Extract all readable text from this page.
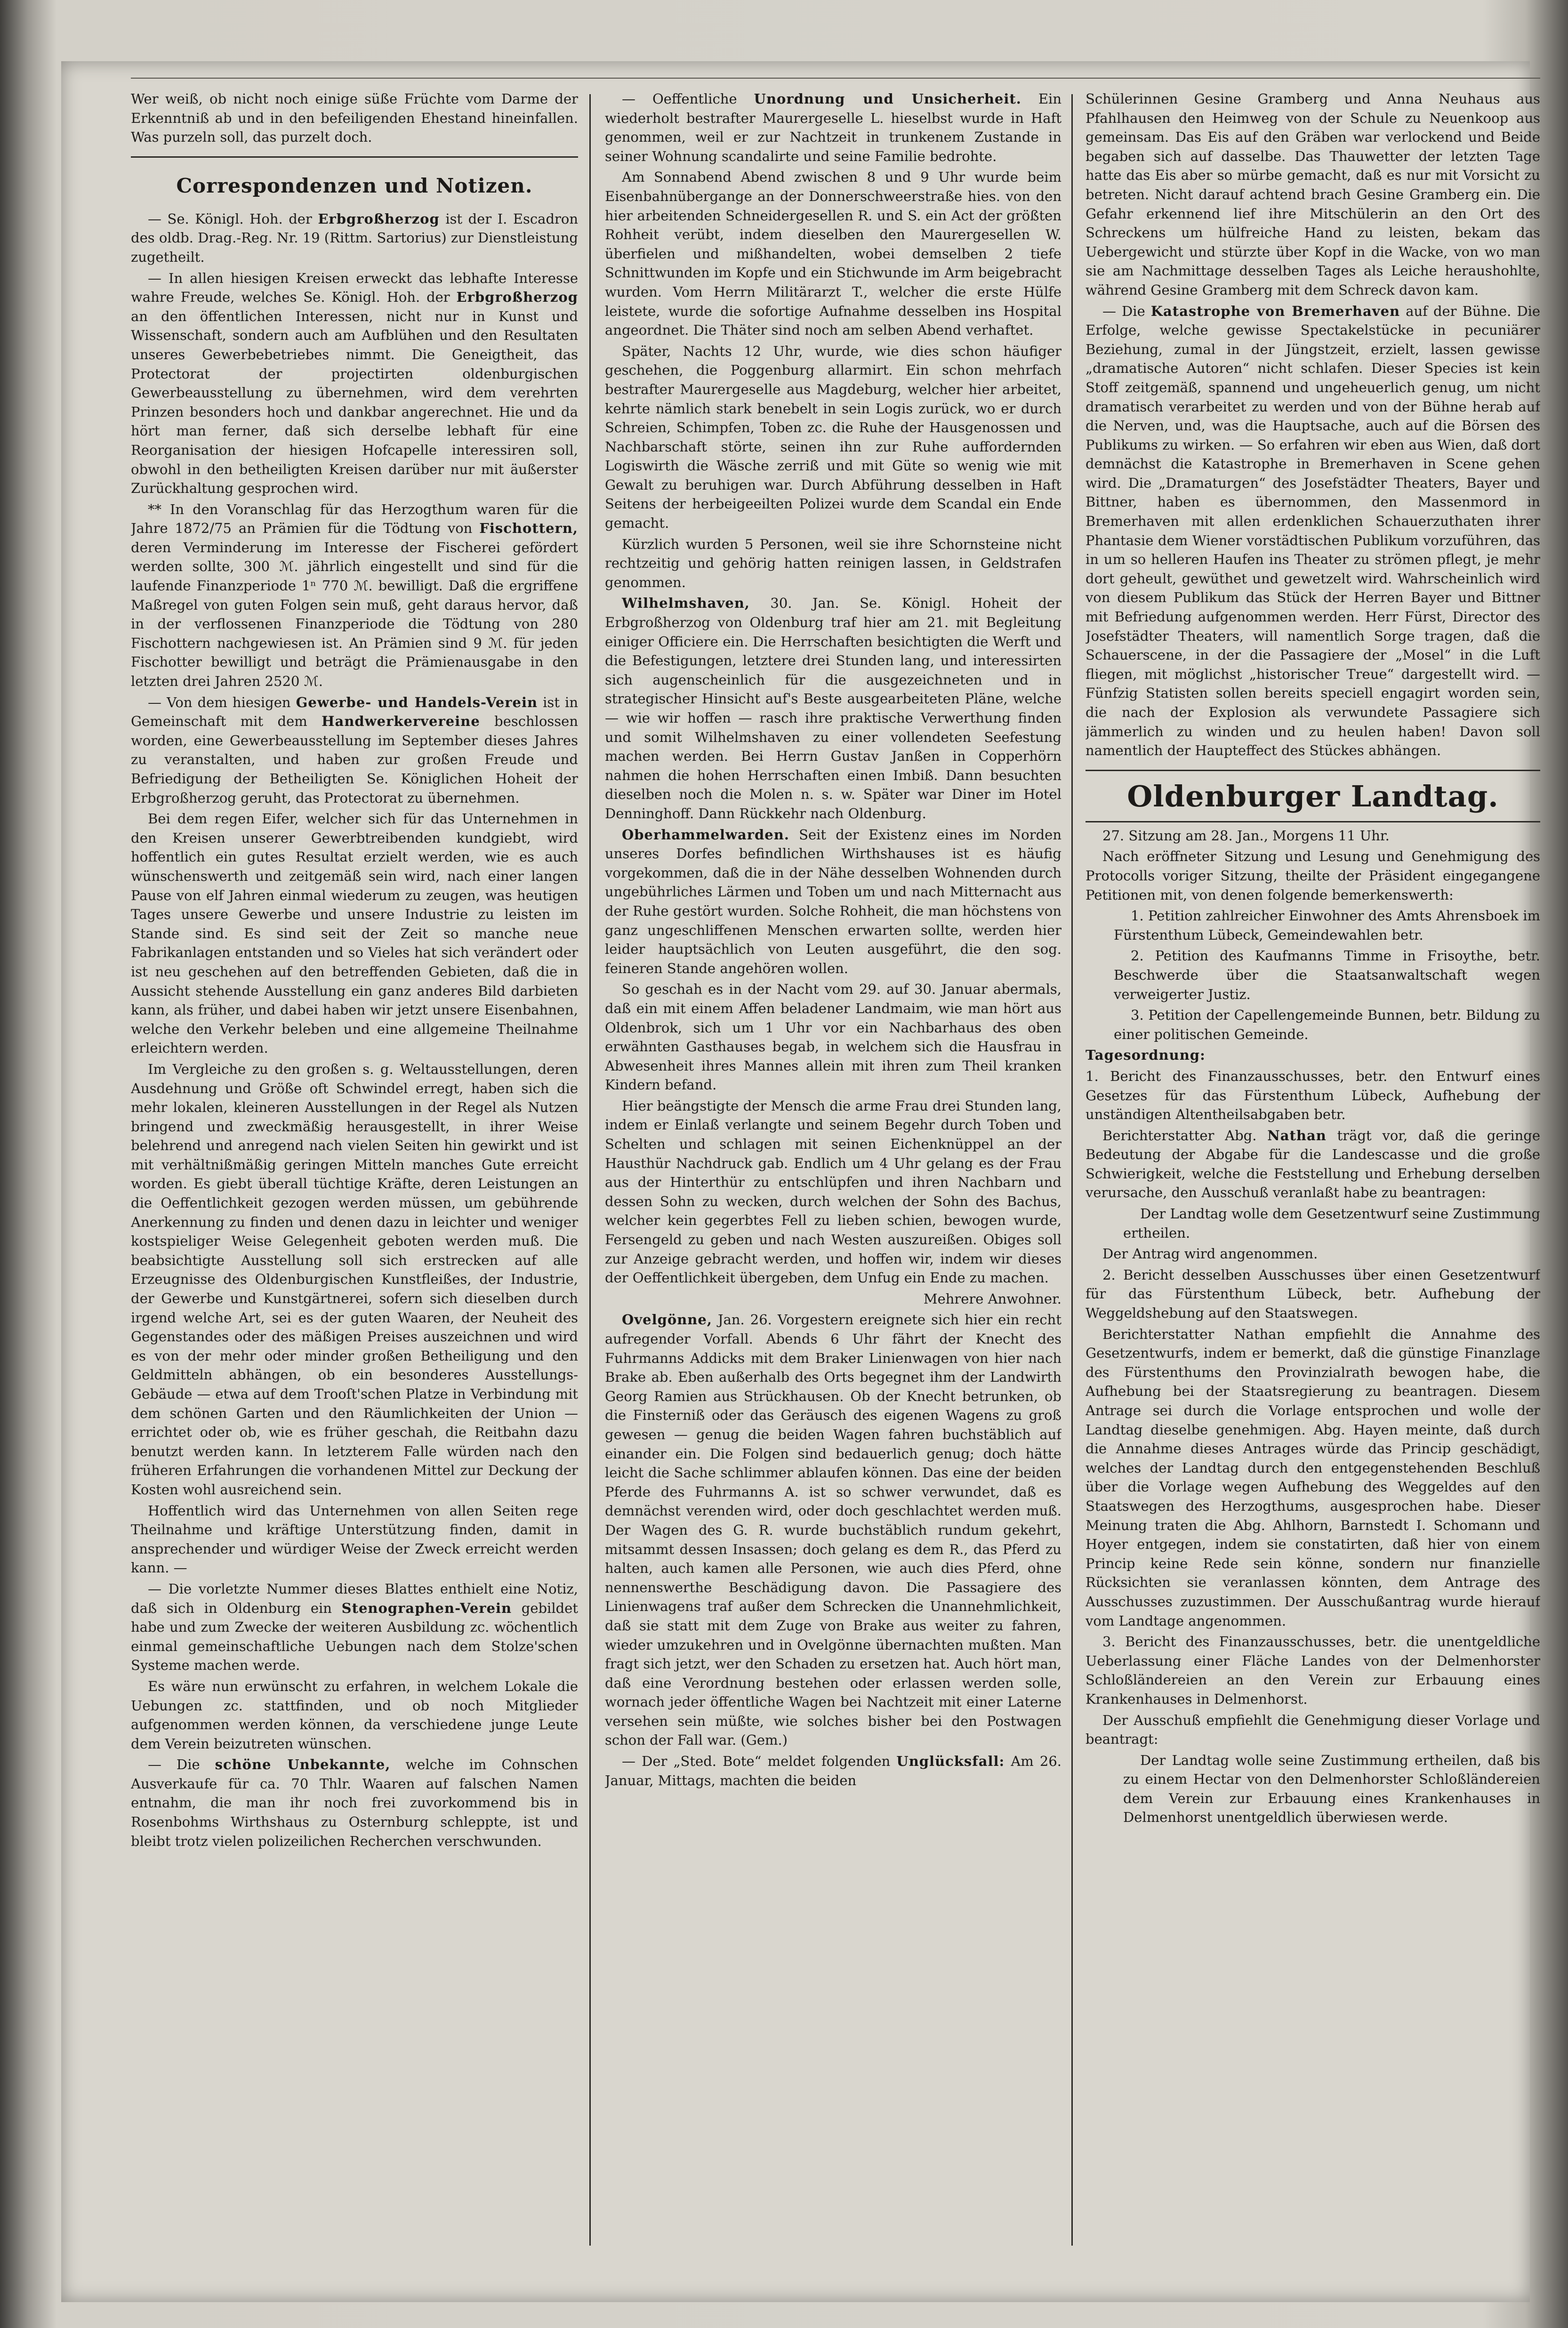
Wer weiß, ob nicht noch einige süße Früchte vom Darme der Erkenntniß ab und in den befeiligenden Ehestand hineinfallen. Was purzeln soll, das purzelt doch.

Correspondenzen und Notizen.

— Se. Königl. Hoh. der Erbgroßherzog ist der I. Escadron des oldb. Drag.-Reg. Nr. 19 (Rittm. Sartorius) zur Dienstleistung zugetheilt.

— In allen hiesigen Kreisen erweckt das lebhafte Interesse wahre Freude, welches Se. Königl. Hoh. der Erbgroßherzog an den öffentlichen Interessen, nicht nur in Kunst und Wissenschaft, sondern auch am Aufblühen und den Resultaten unseres Gewerbebetriebes nimmt. Die Geneigtheit, das Protectorat der projectirten oldenburgischen Gewerbeausstellung zu übernehmen, wird dem verehrten Prinzen besonders hoch und dankbar angerechnet. Hie und da hört man ferner, daß sich derselbe lebhaft für eine Reorganisation der hiesigen Hofcapelle interessiren soll, obwohl in den betheiligten Kreisen darüber nur mit äußerster Zurückhaltung gesprochen wird.

** In den Voranschlag für das Herzogthum waren für die Jahre 1872/75 an Prämien für die Tödtung von Fischottern, deren Verminderung im Interesse der Fischerei gefördert werden sollte, 300 ℳ. jährlich eingestellt und sind für die laufende Finanzperiode 1ⁿ 770 ℳ. bewilligt. Daß die ergriffene Maßregel von guten Folgen sein muß, geht daraus hervor, daß in der verflossenen Finanzperiode die Tödtung von 280 Fischottern nachgewiesen ist. An Prämien sind 9 ℳ. für jeden Fischotter bewilligt und beträgt die Prämienausgabe in den letzten drei Jahren 2520 ℳ.

— Von dem hiesigen Gewerbe- und Handels-Verein ist in Gemeinschaft mit dem Handwerkervereine beschlossen worden, eine Gewerbeausstellung im September dieses Jahres zu veranstalten, und haben zur großen Freude und Befriedigung der Betheiligten Se. Königlichen Hoheit der Erbgroßherzog geruht, das Protectorat zu übernehmen.

Bei dem regen Eifer, welcher sich für das Unternehmen in den Kreisen unserer Gewerbtreibenden kundgiebt, wird hoffentlich ein gutes Resultat erzielt werden, wie es auch wünschenswerth und zeitgemäß sein wird, nach einer langen Pause von elf Jahren einmal wiederum zu zeugen, was heutigen Tages unsere Gewerbe und unsere Industrie zu leisten im Stande sind. Es sind seit der Zeit so manche neue Fabrikanlagen entstanden und so Vieles hat sich verändert oder ist neu geschehen auf den betreffenden Gebieten, daß die in Aussicht stehende Ausstellung ein ganz anderes Bild darbieten kann, als früher, und dabei haben wir jetzt unsere Eisenbahnen, welche den Verkehr beleben und eine allgemeine Theilnahme erleichtern werden.

Im Vergleiche zu den großen s. g. Weltausstellungen, deren Ausdehnung und Größe oft Schwindel erregt, haben sich die mehr lokalen, kleineren Ausstellungen in der Regel als Nutzen bringend und zweckmäßig herausgestellt, in ihrer Weise belehrend und anregend nach vielen Seiten hin gewirkt und ist mit verhältnißmäßig geringen Mitteln manches Gute erreicht worden. Es giebt überall tüchtige Kräfte, deren Leistungen an die Oeffentlichkeit gezogen werden müssen, um gebührende Anerkennung zu finden und denen dazu in leichter und weniger kostspieliger Weise Gelegenheit geboten werden muß. Die beabsichtigte Ausstellung soll sich erstrecken auf alle Erzeugnisse des Oldenburgischen Kunstfleißes, der Industrie, der Gewerbe und Kunstgärtnerei, sofern sich dieselben durch irgend welche Art, sei es der guten Waaren, der Neuheit des Gegenstandes oder des mäßigen Preises auszeichnen und wird es von der mehr oder minder großen Betheiligung und den Geldmitteln abhängen, ob ein besonderes Ausstellungs-Gebäude — etwa auf dem Trooſt'schen Platze in Verbindung mit dem schönen Garten und den Räumlichkeiten der Union — errichtet oder ob, wie es früher geschah, die Reitbahn dazu benutzt werden kann. In letzterem Falle würden nach den früheren Erfahrungen die vorhandenen Mittel zur Deckung der Kosten wohl ausreichend sein.

Hoffentlich wird das Unternehmen von allen Seiten rege Theilnahme und kräftige Unterstützung finden, damit in ansprechender und würdiger Weise der Zweck erreicht werden kann. —

— Die vorletzte Nummer dieses Blattes enthielt eine Notiz, daß sich in Oldenburg ein Stenographen-Verein gebildet habe und zum Zwecke der weiteren Ausbildung zc. wöchentlich einmal gemeinschaftliche Uebungen nach dem Stolze'schen Systeme machen werde.

Es wäre nun erwünscht zu erfahren, in welchem Lokale die Uebungen zc. stattfinden, und ob noch Mitglieder aufgenommen werden können, da verschiedene junge Leute dem Verein beizutreten wünschen.

— Die schöne Unbekannte, welche im Cohnschen Ausverkaufe für ca. 70 Thlr. Waaren auf falschen Namen entnahm, die man ihr noch frei zuvorkommend bis in Rosenbohms Wirthshaus zu Osternburg schleppte, ist und bleibt trotz vielen polizeilichen Recherchen verschwunden.

— Oeffentliche Unordnung und Unsicherheit. Ein wiederholt bestrafter Maurergeselle L. hieselbst wurde in Haft genommen, weil er zur Nachtzeit in trunkenem Zustande in seiner Wohnung scandalirte und seine Familie bedrohte.

Am Sonnabend Abend zwischen 8 und 9 Uhr wurde beim Eisenbahnübergange an der Donnerschweerstraße hies. von den hier arbeitenden Schneidergesellen R. und S. ein Act der größten Rohheit verübt, indem dieselben den Maurergesellen W. überfielen und mißhandelten, wobei demselben 2 tiefe Schnittwunden im Kopfe und ein Stichwunde im Arm beigebracht wurden. Vom Herrn Militärarzt T., welcher die erste Hülfe leistete, wurde die sofortige Aufnahme desselben ins Hospital angeordnet. Die Thäter sind noch am selben Abend verhaftet.

Später, Nachts 12 Uhr, wurde, wie dies schon häufiger geschehen, die Poggenburg allarmirt. Ein schon mehrfach bestrafter Maurergeselle aus Magdeburg, welcher hier arbeitet, kehrte nämlich stark benebelt in sein Logis zurück, wo er durch Schreien, Schimpfen, Toben zc. die Ruhe der Hausgenossen und Nachbarschaft störte, seinen ihn zur Ruhe auffordernden Logiswirth die Wäsche zerriß und mit Güte so wenig wie mit Gewalt zu beruhigen war. Durch Abführung desselben in Haft Seitens der herbeigeeilten Polizei wurde dem Scandal ein Ende gemacht.

Kürzlich wurden 5 Personen, weil sie ihre Schornsteine nicht rechtzeitig und gehörig hatten reinigen lassen, in Geldstrafen genommen.

Wilhelmshaven, 30. Jan. Se. Königl. Hoheit der Erbgroßherzog von Oldenburg traf hier am 21. mit Begleitung einiger Officiere ein. Die Herrschaften besichtigten die Werft und die Befestigungen, letztere drei Stunden lang, und interessirten sich augenscheinlich für die ausgezeichneten und in strategischer Hinsicht auf's Beste ausgearbeiteten Pläne, welche — wie wir hoffen — rasch ihre praktische Verwerthung finden und somit Wilhelmshaven zu einer vollendeten Seefestung machen werden. Bei Herrn Gustav Janßen in Copperhörn nahmen die hohen Herrschaften einen Imbiß. Dann besuchten dieselben noch die Molen n. s. w. Später war Diner im Hotel Denninghoff. Dann Rückkehr nach Oldenburg.

Oberhammelwarden. Seit der Existenz eines im Norden unseres Dorfes befindlichen Wirthshauses ist es häufig vorgekommen, daß die in der Nähe desselben Wohnenden durch ungebührliches Lärmen und Toben um und nach Mitternacht aus der Ruhe gestört wurden. Solche Rohheit, die man höchstens von ganz ungeschliffenen Menschen erwarten sollte, werden hier leider hauptsächlich von Leuten ausgeführt, die den sog. feineren Stande angehören wollen.

So geschah es in der Nacht vom 29. auf 30. Januar abermals, daß ein mit einem Affen beladener Landmaim, wie man hört aus Oldenbrok, sich um 1 Uhr vor ein Nachbarhaus des oben erwähnten Gasthauses begab, in welchem sich die Hausfrau in Abwesenheit ihres Mannes allein mit ihren zum Theil kranken Kindern befand.

Hier beängstigte der Mensch die arme Frau drei Stunden lang, indem er Einlaß verlangte und seinem Begehr durch Toben und Schelten und schlagen mit seinen Eichenknüppel an der Hausthür Nachdruck gab. Endlich um 4 Uhr gelang es der Frau aus der Hinterthür zu entschlüpfen und ihren Nachbarn und dessen Sohn zu wecken, durch welchen der Sohn des Bachus, welcher kein gegerbtes Fell zu lieben schien, bewogen wurde, Fersengeld zu geben und nach Westen auszureißen. Obiges soll zur Anzeige gebracht werden, und hoffen wir, indem wir dieses der Oeffentlichkeit übergeben, dem Unfug ein Ende zu machen.

Mehrere Anwohner.

Ovelgönne, Jan. 26. Vorgestern ereignete sich hier ein recht aufregender Vorfall. Abends 6 Uhr fährt der Knecht des Fuhrmanns Addicks mit dem Braker Linienwagen von hier nach Brake ab. Eben außerhalb des Orts begegnet ihm der Landwirth Georg Ramien aus Strückhausen. Ob der Knecht betrunken, ob die Finsterniß oder das Geräusch des eigenen Wagens zu groß gewesen — genug die beiden Wagen fahren buchstäblich auf einander ein. Die Folgen sind bedauerlich genug; doch hätte leicht die Sache schlimmer ablaufen können. Das eine der beiden Pferde des Fuhrmanns A. ist so schwer verwundet, daß es demnächst verenden wird, oder doch geschlachtet werden muß. Der Wagen des G. R. wurde buchstäblich rundum gekehrt, mitsammt dessen Insassen; doch gelang es dem R., das Pferd zu halten, auch kamen alle Personen, wie auch dies Pferd, ohne nennenswerthe Beschädigung davon. Die Passagiere des Linienwagens traf außer dem Schrecken die Unannehmlichkeit, daß sie statt mit dem Zuge von Brake aus weiter zu fahren, wieder umzukehren und in Ovelgönne übernachten mußten. Man fragt sich jetzt, wer den Schaden zu ersetzen hat. Auch hört man, daß eine Verordnung bestehen oder erlassen werden solle, wornach jeder öffentliche Wagen bei Nachtzeit mit einer Laterne versehen sein müßte, wie solches bisher bei den Postwagen schon der Fall war. (Gem.)

— Der „Sted. Bote“ meldet folgenden Unglücksfall: Am 26. Januar, Mittags, machten die beiden

Schülerinnen Gesine Gramberg und Anna Neuhaus aus Pfahlhausen den Heimweg von der Schule zu Neuenkoop aus gemeinsam. Das Eis auf den Gräben war verlockend und Beide begaben sich auf dasselbe. Das Thauwetter der letzten Tage hatte das Eis aber so mürbe gemacht, daß es nur mit Vorsicht zu betreten. Nicht darauf achtend brach Gesine Gramberg ein. Die Gefahr erkennend lief ihre Mitschülerin an den Ort des Schreckens um hülfreiche Hand zu leisten, bekam das Uebergewicht und stürzte über Kopf in die Wacke, von wo man sie am Nachmittage desselben Tages als Leiche heraushohlte, während Gesine Gramberg mit dem Schreck davon kam.

— Die Katastrophe von Bremerhaven auf der Bühne. Die Erfolge, welche gewisse Spectakelstücke in pecuniärer Beziehung, zumal in der Jüngstzeit, erzielt, lassen gewisse „dramatische Autoren“ nicht schlafen. Dieser Species ist kein Stoff zeitgemäß, spannend und ungeheuerlich genug, um nicht dramatisch verarbeitet zu werden und von der Bühne herab auf die Nerven, und, was die Hauptsache, auch auf die Börsen des Publikums zu wirken. — So erfahren wir eben aus Wien, daß dort demnächst die Katastrophe in Bremerhaven in Scene gehen wird. Die „Dramaturgen“ des Josefstädter Theaters, Bayer und Bittner, haben es übernommen, den Massenmord in Bremerhaven mit allen erdenklichen Schauerzuthaten ihrer Phantasie dem Wiener vorstädtischen Publikum vorzuführen, das in um so helleren Haufen ins Theater zu strömen pflegt, je mehr dort geheult, gewüthet und gewetzelt wird. Wahrscheinlich wird von diesem Publikum das Stück der Herren Bayer und Bittner mit Befriedung aufgenommen werden. Herr Fürst, Director des Josefstädter Theaters, will namentlich Sorge tragen, daß die Schauerscene, in der die Passagiere der „Mosel“ in die Luft fliegen, mit möglichst „historischer Treue“ dargestellt wird. — Fünfzig Statisten sollen bereits speciell engagirt worden sein, die nach der Explosion als verwundete Passagiere sich jämmerlich zu winden und zu heulen haben! Davon soll namentlich der Haupteffect des Stückes abhängen.

Oldenburger Landtag.

27. Sitzung am 28. Jan., Morgens 11 Uhr.

Nach eröffneter Sitzung und Lesung und Genehmigung des Protocolls voriger Sitzung, theilte der Präsident eingegangene Petitionen mit, von denen folgende bemerkenswerth:

1. Petition zahlreicher Einwohner des Amts Ahrensboek im Fürstenthum Lübeck, Gemeindewahlen betr.

2. Petition des Kaufmanns Timme in Frisoythe, betr. Beschwerde über die Staatsanwaltschaft wegen verweigerter Justiz.

3. Petition der Capellengemeinde Bunnen, betr. Bildung zu einer politischen Gemeinde.

Tagesordnung:

1. Bericht des Finanzausschusses, betr. den Entwurf eines Gesetzes für das Fürstenthum Lübeck, Aufhebung der unständigen Altentheilsabgaben betr.

Berichterstatter Abg. Nathan trägt vor, daß die geringe Bedeutung der Abgabe für die Landescasse und die große Schwierigkeit, welche die Feststellung und Erhebung derselben verursache, den Ausschuß veranlaßt habe zu beantragen:

Der Landtag wolle dem Gesetzentwurf seine Zustimmung ertheilen.

Der Antrag wird angenommen.

2. Bericht desselben Ausschusses über einen Gesetzentwurf für das Fürstenthum Lübeck, betr. Aufhebung der Weggeldshebung auf den Staatswegen.

Berichterstatter Nathan empfiehlt die Annahme des Gesetzentwurfs, indem er bemerkt, daß die günstige Finanzlage des Fürstenthums den Provinzialrath bewogen habe, die Aufhebung bei der Staatsregierung zu beantragen. Diesem Antrage sei durch die Vorlage entsprochen und wolle der Landtag dieselbe genehmigen. Abg. Hayen meinte, daß durch die Annahme dieses Antrages würde das Princip geschädigt, welches der Landtag durch den entgegenstehenden Beschluß über die Vorlage wegen Aufhebung des Weggeldes auf den Staatswegen des Herzogthums, ausgesprochen habe. Dieser Meinung traten die Abg. Ahlhorn, Barnstedt I. Schomann und Hoyer entgegen, indem sie constatirten, daß hier von einem Princip keine Rede sein könne, sondern nur finanzielle Rücksichten sie veranlassen könnten, dem Antrage des Ausschusses zuzustimmen. Der Ausschußantrag wurde hierauf vom Landtage angenommen.

3. Bericht des Finanzausschusses, betr. die unentgeldliche Ueberlassung einer Fläche Landes von der Delmenhorster Schloßländereien an den Verein zur Erbauung eines Krankenhauses in Delmenhorst.

Der Ausschuß empfiehlt die Genehmigung dieser Vorlage und beantragt:

Der Landtag wolle seine Zustimmung ertheilen, daß bis zu einem Hectar von den Delmenhorster Schloßländereien dem Verein zur Erbauung eines Krankenhauses in Delmenhorst unentgeldlich überwiesen werde.
